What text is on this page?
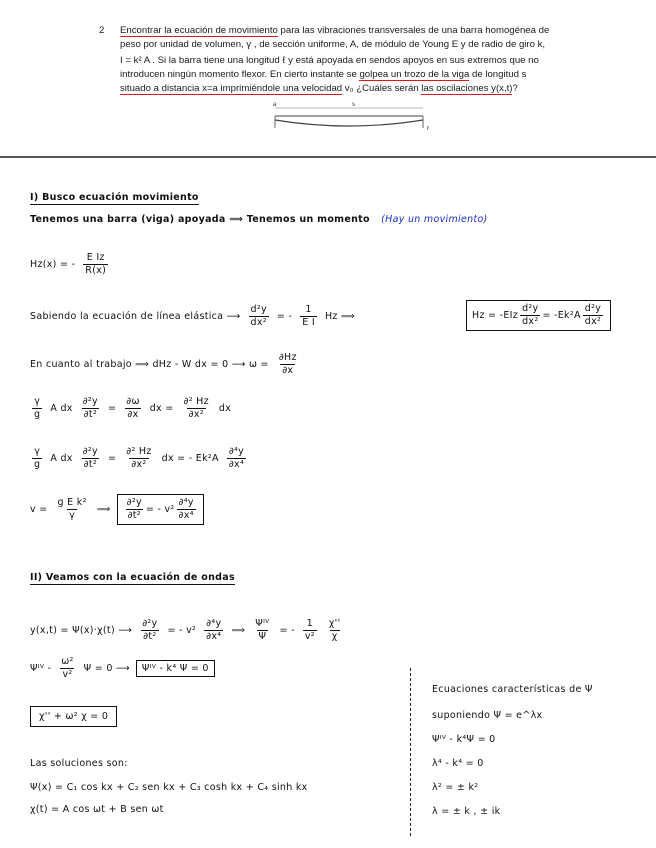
2 Encontrar la ecuación de movimiento para las vibraciones transversales de una barra homogénea de
peso por unidad de volumen, γ , de sección uniforme, A, de módulo de Young E y de radio de giro k,
I = k² A . Si la barra tiene una longitud ℓ y está apoyada en sendos apoyos en sus extremos que no
introducen ningún momento flexor. En cierto instante se golpea un trozo de la viga de longitud s
situado a distancia x=a imprimiéndole una velocidad v₀ ¿Cuáles serán las oscilaciones y(x,t)?
a	s
ℓ
I) Busco ecuación movimiento
Tenemos una barra (viga) apoyada ⟹ Tenemos un momento (Hay un movimiento)
Hz(x) = - $\frac{\text{E Iz}}{R(x)}$
Sabiendo la ecuación de línea elástica ⟶ $\frac{\text{d²y}}{\text{dx²}}$ = - $\frac{1}{\text{E I}}$ Hz ⟹	$Hz = -EIz \frac{\text{d²y}}{\text{dx²}} = -Ek^2A \frac{\text{d²y}}{\text{dx²}}$
En cuanto al trabajo ⟹ dHz - W dx = 0 ⟶ $\omega = \frac{\partial Hz}{\partial x}$
$\frac{\gamma}{g}$ A dx $\frac{\text{∂²y}}{\text{∂t²}} = \frac{\partial\omega}{\partial x}$ dx = $\frac{\text{∂² Hz}}{\text{∂x²}}$ dx
$\frac{\gamma}{g}$ A dx $\frac{\text{∂²y}}{\text{∂t²}} = \frac{\text{∂² Hz}}{\text{∂x²}}$ dx = - $Ek^2A \frac{\text{∂⁴y}}{\text{∂x⁴}}$
$v = \frac{\text{g E k²}}{\gamma}$ ⟹ $\frac{\text{∂²y}}{\text{∂t²}}$ = - $v^2 \frac{\text{∂⁴y}}{\text{∂x⁴}}$
II) Veamos con la ecuación de ondas
y(x,t) = Ψ(x)·χ(t) ⟶ $\frac{\text{∂²y}}{\text{∂t²}}$ = - $v^2 \frac{\text{∂⁴y}}{\text{∂x⁴}}$ ⟹ $\frac{\text{Ψᴵⱽ}}{\Psi}$ = - $\frac{1}{\text{v²}} \frac{\chi''}{\chi}$
Ψᴵⱽ - $\frac{\text{ω²}}{\text{v²}}$ Ψ = 0 ⟶	Ψᴵⱽ - k⁴ Ψ = 0
χ'' + ω² χ = 0
Las soluciones son:
Ψ(x) = C₁ cos kx + C₂ sen kx + C₃ cosh kx + C₄ sinh kx
χ(t) = A cos ωt + B sen ωt
Ecuaciones características de Ψ
suponiendo Ψ = e^λx
Ψᴵⱽ - k⁴Ψ = 0
λ⁴ - k⁴ = 0
λ² = ± k²
λ = ± k , ± ik
